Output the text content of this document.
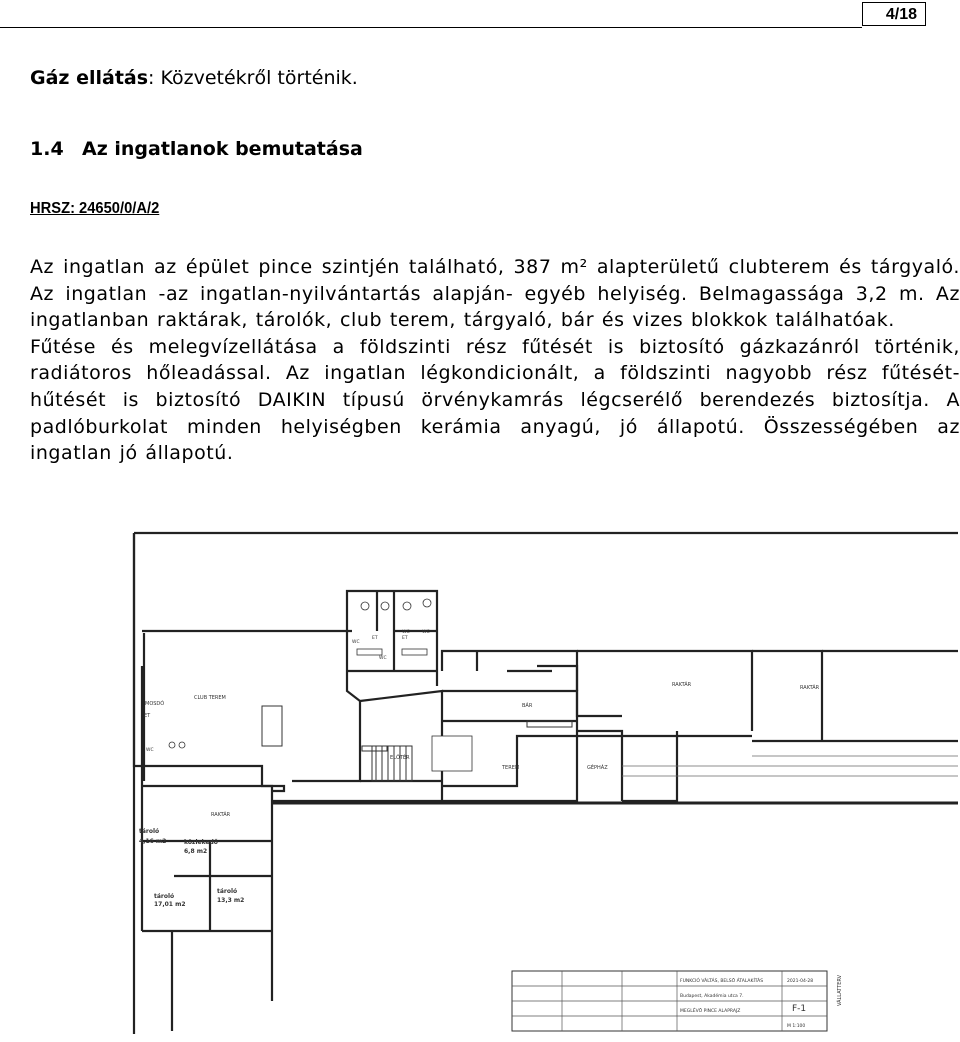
4/18
Gáz ellátás: Közvetékről történik.
1.4 Az ingatlanok bemutatása
HRSZ: 24650/0/A/2

Az ingatlan az épület pince szintjén található, 387 m² alapterületű clubterem és tárgyaló. Az ingatlan -az ingatlan-nyilvántartás alapján- egyéb helyiség. Belmagassága 3,2 m. Az ingatlanban raktárak, tárolók, club terem, tárgyaló, bár és vizes blokkok találhatóak.

Fűtése és melegvízellátása a földszinti rész fűtését is biztosító gázkazánról történik, radiátoros hőleadással. Az ingatlan légkondicionált, a földszinti nagyobb rész fűtését-hűtését is biztosító DAIKIN típusú örvénykamrás légcserélő berendezés biztosítja. A padlóburkolat minden helyiségben kerámia anyagú, jó állapotú. Összességében az ingatlan jó állapotú.

CLUB TEREM
RAKTÁR
BÁR
ELŐTÉR
TEREM	GÉPHÁZ
RAKTÁR	RAKTÁR
MOSDÓ
ET
ET
ET
WC
WC
WC	WC
WC
tároló
4,16 m2	közlekedő
6,8 m2
tároló
17,01 m2
tároló
13,3 m2
FUNKCIÓ VÁLTÁS, BELSŐ ÁTALAKÍTÁS
Budapest, Akadémia utca 7.
MEGLÉVŐ PINCE ALAPRAJZ
2021-04-28
F-1
M 1:100
VÁLLATTERV
